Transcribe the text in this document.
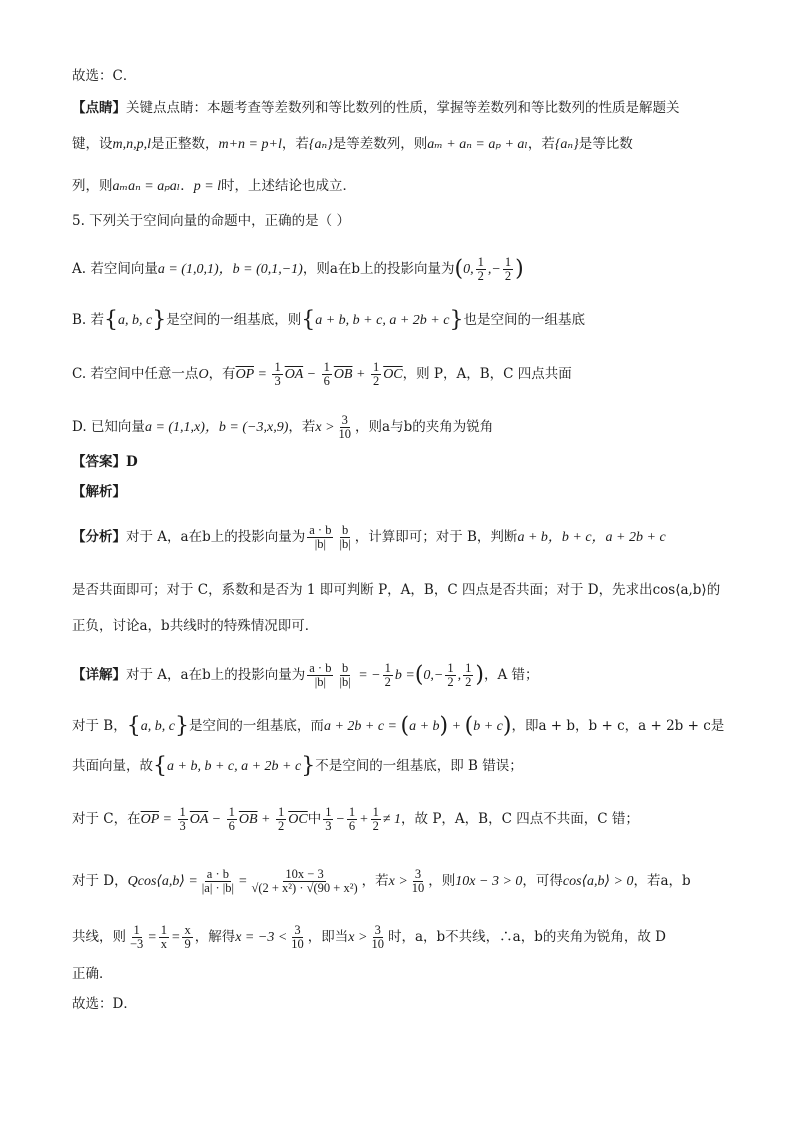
故选：C．
【点睛】关键点点睛：本题考查等差数列和等比数列的性质，掌握等差数列和等比数列的性质是解题关
键，设m,n,p,l是正整数，m+n = p+l，若{aₙ}是等差数列，则aₘ + aₙ = aₚ + aₗ，若{aₙ}是等比数
列，则aₘaₙ = aₚaₗ．p = l时，上述结论也成立．
5. 下列关于空间向量的命题中，正确的是（ ）
A. 若空间向量a = (1,0,1)，b = (0,1,−1)，则a在b上的投影向量为(0, $\frac{1}{2}$ ,− $\frac{1}{2}$ )
B. 若{a, b, c}是空间的一组基底，则{a + b, b + c, a + 2b + c}也是空间的一组基底
C. 若空间中任意一点O，有$\overline{OP} = \frac{1}{3} \overline{OA} - \frac{1}{6} \overline{OB} + \frac{1}{2} \overline{OC}$，则 P，A，B，C 四点共面
D. 已知向量a = (1,1,x)，b = (−3,x,9)，若$x > \frac{3}{10}$ ，则a与b的夹角为锐角
【答案】D
【解析】
【分析】对于 A，a在b上的投影向量为 $\frac{a \cdot b}{|b|} \frac{b}{|b|}$ ，计算即可；对于 B，判断a + b，b + c，a + 2b + c
是否共面即可；对于 C，系数和是否为 1 即可判断 P，A，B，C 四点是否共面；对于 D，先求出cos⟨a,b⟩的
正负，讨论a，b共线时的特殊情况即可．
【详解】对于 A，a在b上的投影向量为 $\frac{a \cdot b}{|b|} \frac{b}{|b|}$ = − $\frac{1}{2}$ $b =(0,- \frac{1}{2}$ , $\frac{1}{2}$ )，A 错；
对于 B，{a, b, c}是空间的一组基底，而a + 2b + c = (a + b) + (b + c)，即a + b，b + c，a + 2b + c是
共面向量，故{a + b, b + c, a + 2b + c}不是空间的一组基底，即 B 错误；
对于 C，在$\overline{OP} = \frac{1}{3} \overline{OA} - \frac{1}{6} \overline{OB} + \frac{1}{2} \overline{OC}$中 $\frac{1}{3} - \frac{1}{6} + \frac{1}{2} \ne 1$，故 P，A，B，C 四点不共面，C 错；
对于 D，Qcos⟨a,b⟩ = $\frac{a \cdot b}{|a| \cdot |b|} = \frac{10x - 3}{\text{√(2 + x²) · √(90 + x²)}}$ ，若$x > \frac{3}{10}$ ，则10x − 3 > 0，可得cos⟨a,b⟩ > 0，若a，b
共线，则 $\frac{1}{-3} = \frac{1}{x} = \frac{x}{9}$ ，解得$x = -3 < \frac{3}{10}$ ，即当$x > \frac{3}{10}$ 时，a，b不共线，∴a，b的夹角为锐角，故 D
正确．
故选：D．
